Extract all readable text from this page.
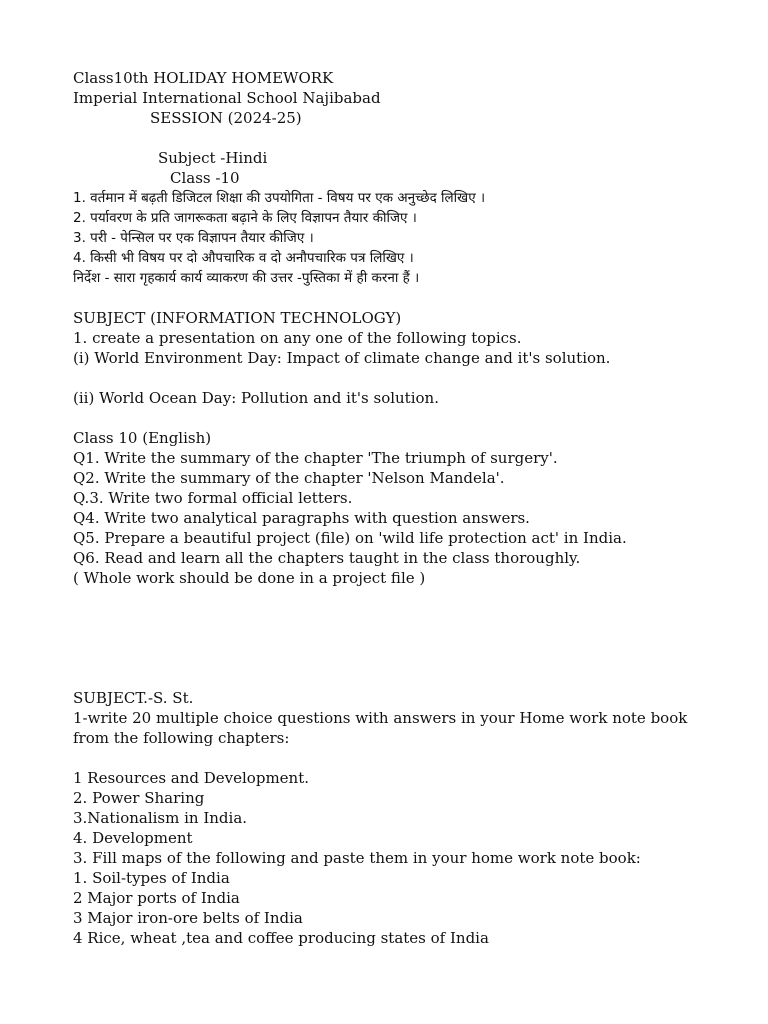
Class10th HOLIDAY HOMEWORK
Imperial International School Najibabad
SESSION (2024-25)
Subject -Hindi
Class -10
1. वर्तमान में बढ़ती डिजिटल शिक्षा की उपयोगिता - विषय पर एक अनुच्छेद लिखिए ।
2. पर्यावरण के प्रति जागरूकता बढ़ाने के लिए विज्ञापन तैयार कीजिए ।
3. परी - पेन्सिल पर एक विज्ञापन तैयार कीजिए ।
4. किसी भी विषय पर दो औपचारिक व दो अनौपचारिक पत्र लिखिए ।
निर्देश - सारा गृहकार्य कार्य व्याकरण की उत्तर -पुस्तिका में ही करना हैं ।
SUBJECT (INFORMATION TECHNOLOGY)
1. create a presentation on any one of the following topics.
(i) World Environment Day: Impact of climate change and it's solution.
(ii) World Ocean Day: Pollution and it's solution.
Class 10 (English)
Q1. Write the summary of the chapter 'The triumph of surgery'.
Q2. Write the summary of the chapter 'Nelson Mandela'.
Q.3. Write two formal official letters.
Q4. Write two analytical paragraphs with question answers.
Q5. Prepare a beautiful project (file) on 'wild life protection act' in India.
Q6. Read and learn all the chapters taught in the class thoroughly.
( Whole work should be done in a project file )
SUBJECT.-S. St.
1-write 20 multiple choice questions with answers in your Home work note book
from the following chapters:
1 Resources and Development.
2. Power Sharing
3.Nationalism in India.
4. Development
3. Fill maps of the following and paste them in your home work note book:
1. Soil-types of India
2 Major ports of India
3 Major iron-ore belts of India
4 Rice, wheat ,tea and coffee producing states of India
